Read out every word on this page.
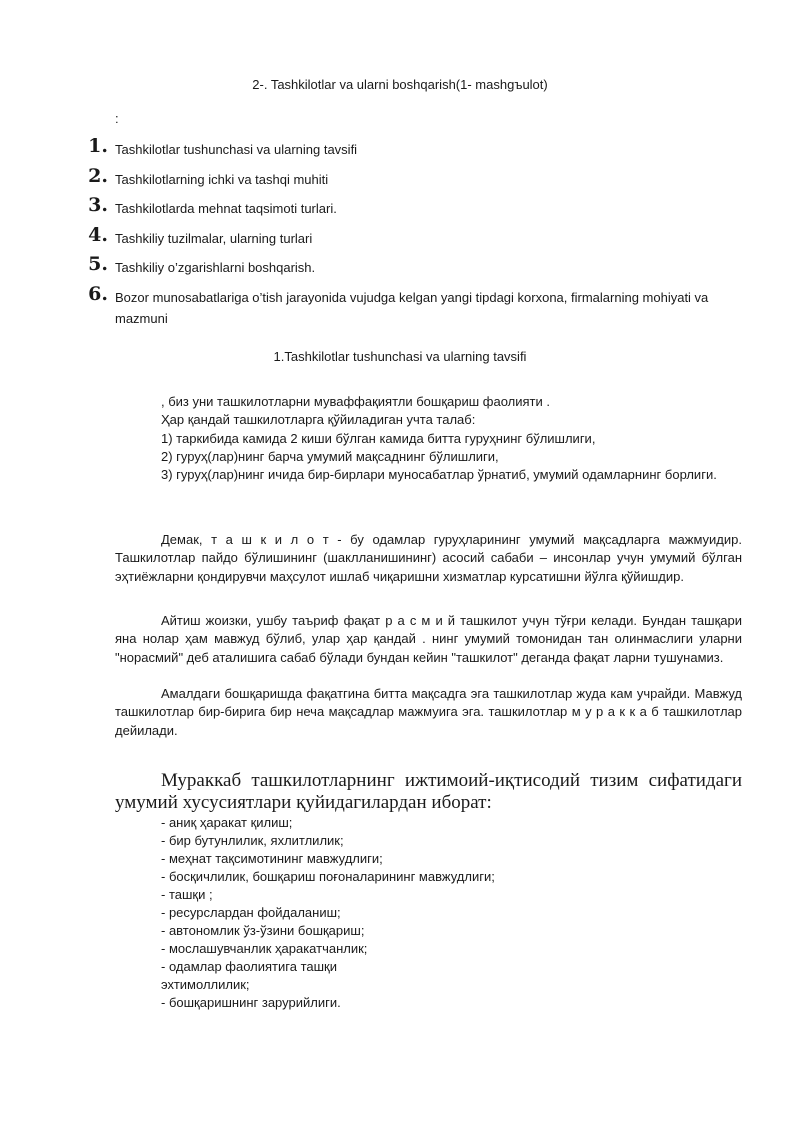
2-. Tashkilotlar va ularni boshqarish(1- mashgъulot)
:
1. Tashkilotlar tushunchasi va ularning tavsifi
2. Tashkilotlarning ichki va tashqi muhiti
3. Tashkilotlarda mehnat taqsimoti turlari.
4. Tashkiliy tuzilmalar, ularning turlari
5. Tashkiliy o’zgarishlarni boshqarish.
6. Bozor munosabatlariga o’tish jarayonida vujudga kelgan yangi tipdagi korxona, firmalarning mohiyati va mazmuni
1.Tashkilotlar tushunchasi va ularning tavsifi
, биз уни ташкилотларни муваффақиятли бошқариш фаолияти .
Ҳар қандай ташкилотларга қўйиладиган учта талаб:
1) таркибида камида 2 киши бўлган камида битта гуруҳнинг бўлишлиги,
2) гуруҳ(лар)нинг барча умумий мақсаднинг бўлишлиги,

3) гуруҳ(лар)нинг ичида бир-бирлари муносабатлар ўрнатиб, умумий одамларнинг борлиги.

Демак, т а ш к и л о т - бу одамлар гуруҳларининг умумий мақсадларга мажмуидир. Ташкилотлар пайдо бўлишининг (шаклланишининг) асосий сабаби – инсонлар учун умумий бўлган эҳтиёжларни қондирувчи маҳсулот ишлаб чиқаришни хизматлар курсатишни йўлга қўйишдир.

Айтиш жоизки, ушбу таъриф фақат р а с м и й ташкилот учун тўғри келади. Бундан ташқари яна нолар ҳам мавжуд бўлиб, улар ҳар қандай . нинг умумий томонидан тан олинмаслиги уларни "норасмий" деб аталишига сабаб бўлади бундан кейин "ташкилот" деганда фақат ларни тушунамиз.

Амалдаги бошқаришда фақатгина битта мақсадга эга ташкилотлар жуда кам учрайди. Мавжуд ташкилотлар бир-бирига бир неча мақсадлар мажмуига эга. ташкилотлар м у р а к к а б ташкилотлар дейилади.

Мураккаб ташкилотларнинг ижтимоий-иқтисодий тизим сифатидаги умумий хусусиятлари қуйидагилардан иборат:

- аниқ ҳаракат қилиш;
- бир бутунлилик, яхлитлилик;
- меҳнат тақсимотининг мавжудлиги;
- босқичлилик, бошқариш поғоналарининг мавжудлиги;
- ташқи ;
- ресурслардан фойдаланиш;
- автономлик ўз-ўзини бошқариш;
- мослашувчанлик ҳаракатчанлик;
- одамлар фаолиятига ташқи
эхтимоллилик;
- бошқаришнинг зарурийлиги.
